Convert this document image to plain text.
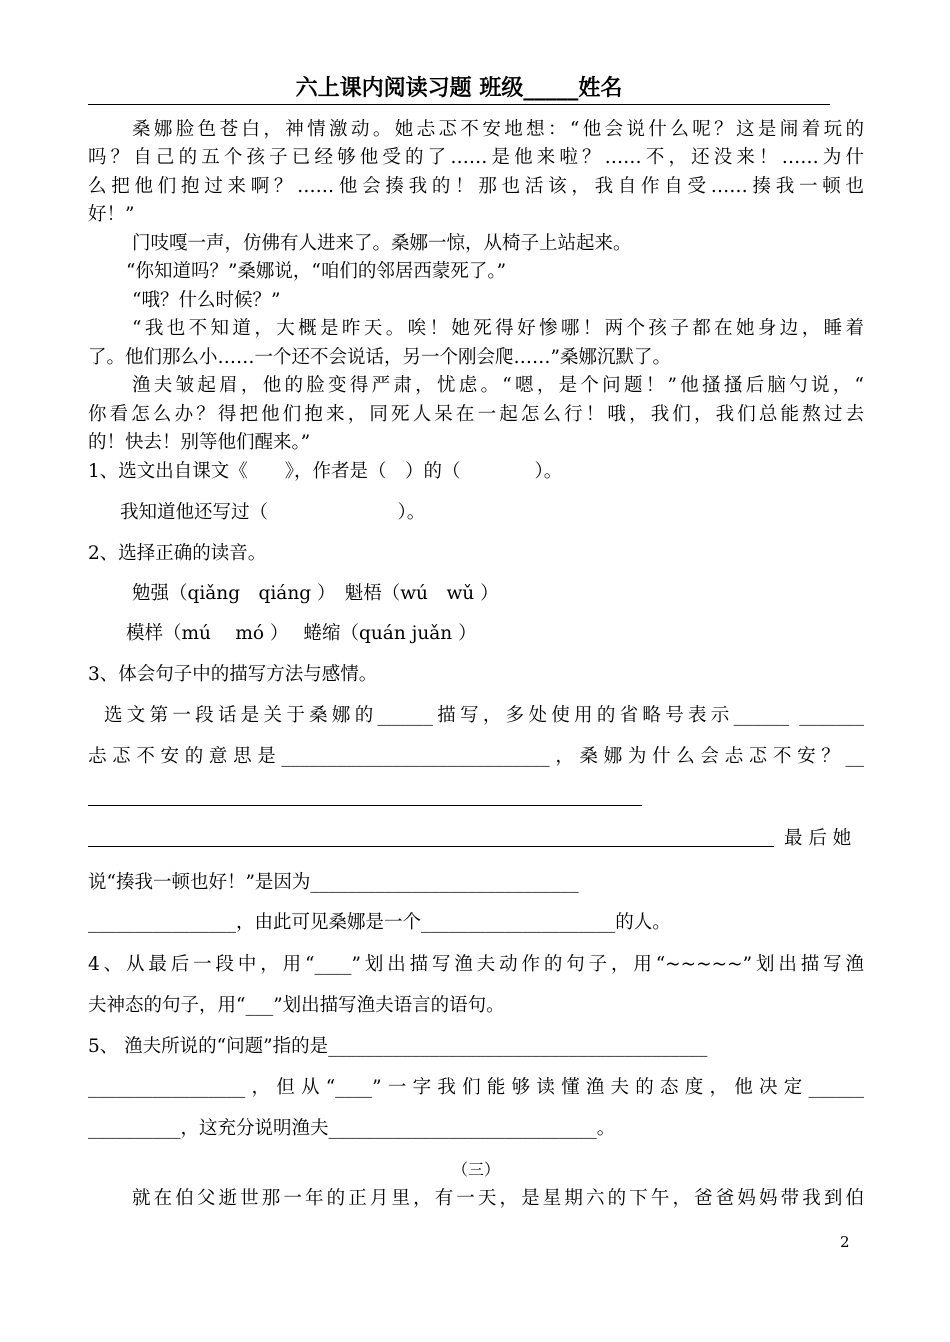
六上课内阅读习题 班级_____姓名
桑娜脸色苍白，神情激动。她忐忑不安地想：“他会说什么呢？这是闹着玩的
吗？自己的五个孩子已经够他受的了……是他来啦？……不，还没来！……为什
么把他们抱过来啊？……他会揍我的！那也活该，我自作自受……揍我一顿也
好！”
门吱嘎一声，仿佛有人进来了。桑娜一惊，从椅子上站起来。
“你知道吗？”桑娜说，“咱们的邻居西蒙死了。”
“哦？什么时候？”
“我也不知道，大概是昨天。唉！她死得好惨哪！两个孩子都在她身边，睡着
了。他们那么小……一个还不会说话，另一个刚会爬……”桑娜沉默了。
渔夫皱起眉，他的脸变得严肃，忧虑。“嗯，是个问题！”他搔搔后脑勺说，“
你看怎么办？得把他们抱来，同死人呆在一起怎么行！哦，我们，我们总能熬过去
的！快去！别等他们醒来。”
1、选文出自课文《　　》，作者是（　）的（　　　　）。
我知道他还写过（　　　　　　　）。
2、选择正确的读音。
勉强（qiǎng　qiáng ）　魁梧（wú　wǔ ）
模样（mú　 mó ）　 蜷缩（quán juǎn ）
3、体会句子中的描写方法与感情。
选文第一段话是关于桑娜的______描写，多处使用的省略号表示______ _______
忐忑不安的意思是_____________________________，桑娜为什么会忐忑不安？__
最 后 她
说“揍我一顿也好！”是因为_____________________________
________________，由此可见桑娜是一个_____________________的人。
4、从最后一段中，用“____”划出描写渔夫动作的句子，用“~~~~~”划出描写渔
夫神态的句子，用“___”划出描写渔夫语言的语句。
5、 渔夫所说的“问题”指的是_________________________________________
_________________，但从“____”一字我们能够读懂渔夫的态度，他决定______
__________，这充分说明渔夫_____________________________。
（三）
就在伯父逝世那一年的正月里，有一天，是星期六的下午，爸爸妈妈带我到伯
2
